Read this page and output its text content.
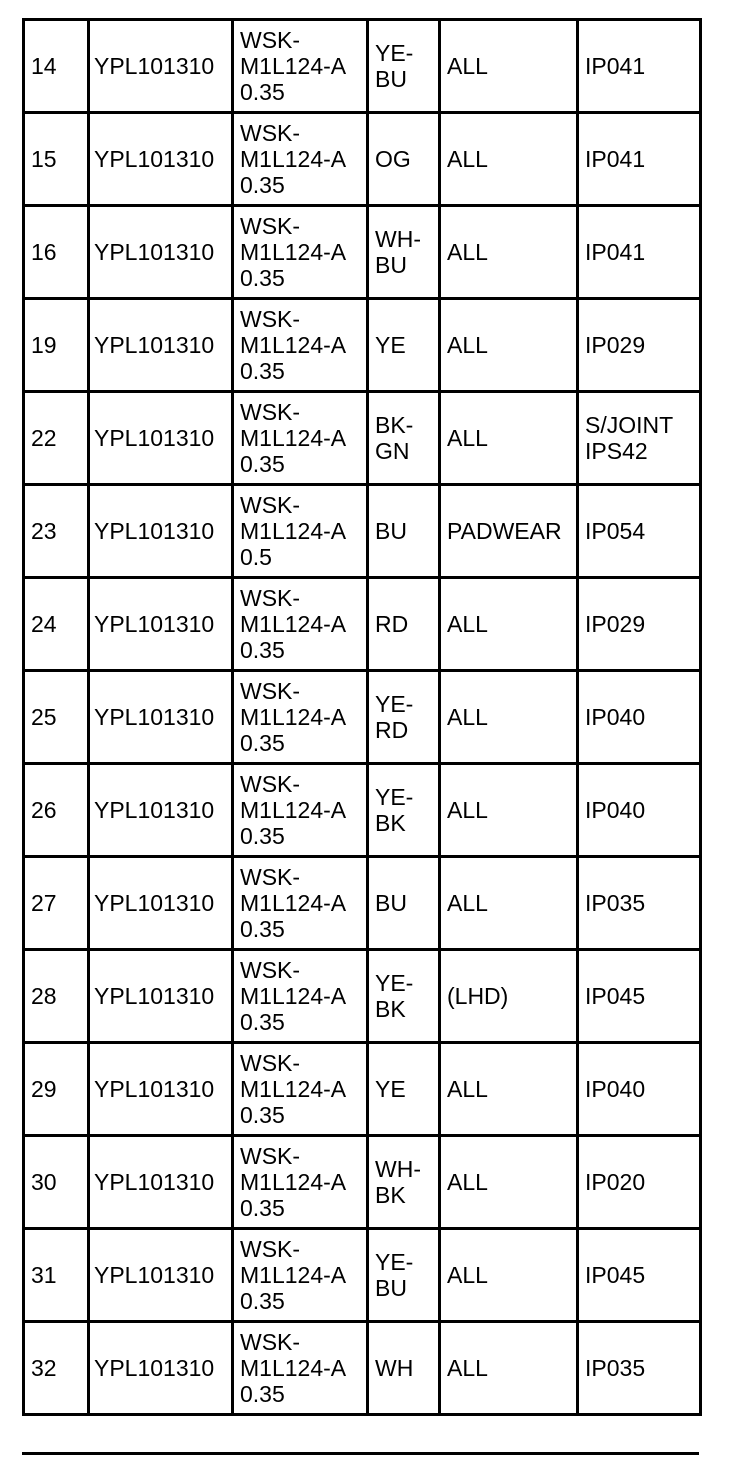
14	YPL101310	WSK-
M1L124-A
0.35	YE-
BU	ALL	IP041
15	YPL101310	WSK-
M1L124-A
0.35	OG	ALL	IP041
16	YPL101310	WSK-
M1L124-A
0.35	WH-
BU	ALL	IP041
19	YPL101310	WSK-
M1L124-A
0.35	YE	ALL	IP029
22	YPL101310	WSK-
M1L124-A
0.35	BK-
GN	ALL	S/JOINT
IPS42
23	YPL101310	WSK-
M1L124-A
0.5	BU	PADWEAR	IP054
24	YPL101310	WSK-
M1L124-A
0.35	RD	ALL	IP029
25	YPL101310	WSK-
M1L124-A
0.35	YE-
RD	ALL	IP040
26	YPL101310	WSK-
M1L124-A
0.35	YE-
BK	ALL	IP040
27	YPL101310	WSK-
M1L124-A
0.35	BU	ALL	IP035
28	YPL101310	WSK-
M1L124-A
0.35	YE-
BK	(LHD)	IP045
29	YPL101310	WSK-
M1L124-A
0.35	YE	ALL	IP040
30	YPL101310	WSK-
M1L124-A
0.35	WH-
BK	ALL	IP020
31	YPL101310	WSK-
M1L124-A
0.35	YE-
BU	ALL	IP045
32	YPL101310	WSK-
M1L124-A
0.35	WH	ALL	IP035
